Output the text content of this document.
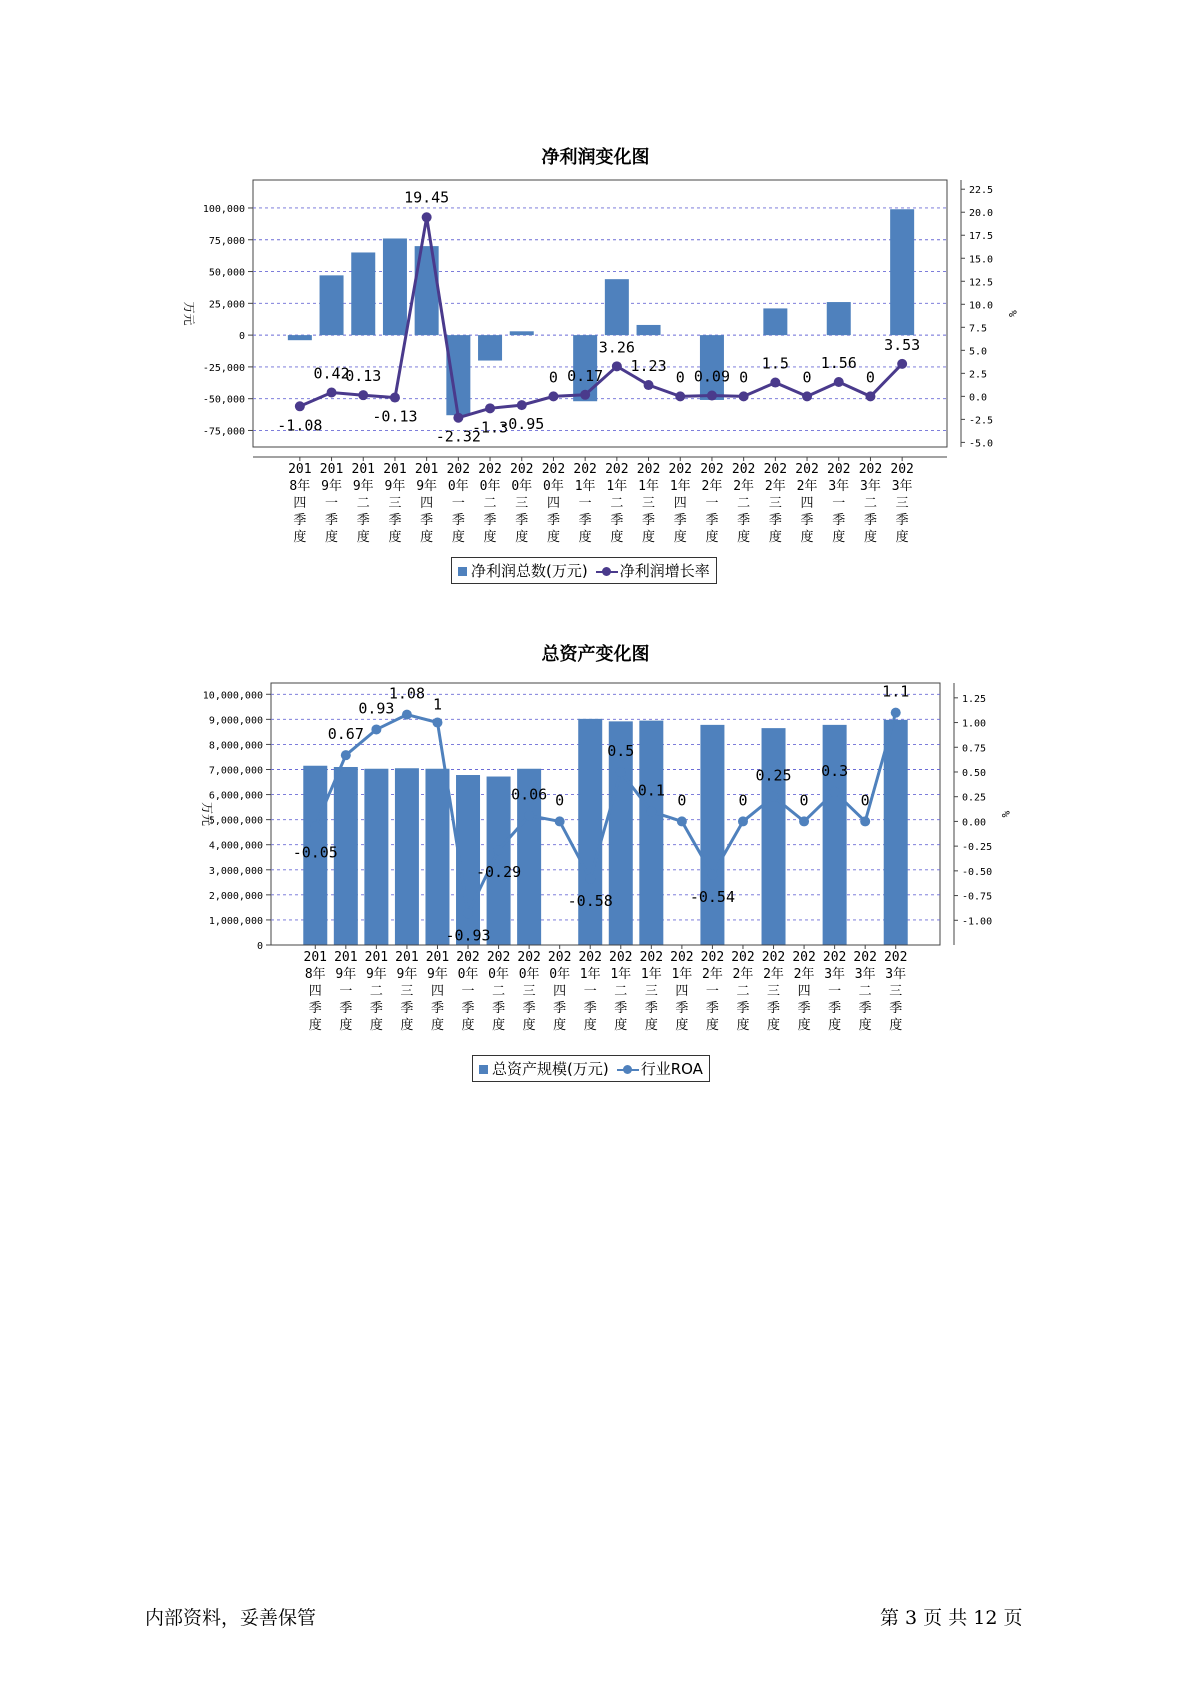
净利润变化图
100,000
75,000
50,000
25,000
0
-25,000
-50,000
-75,000
22.5
20.0
17.5
15.0
12.5
10.0
7.5
5.0
2.5
0.0
-2.5
-5.0
万元	%
201 8年四季度
201 9年一季度
201 9年二季度
201 9年三季度
201 9年四季度
202 0年一季度
202 0年二季度
202 0年三季度
202 0年四季度
202 1年一季度
202 1年二季度
202 1年三季度
202 1年四季度
202 2年一季度
202 2年二季度
202 2年三季度
202 2年四季度
202 3年一季度
202 3年二季度
202 3年三季度
-1.08
0.42
0.13
-0.13
19.45
-2.32
-1.3
-0.95
0 0.17
3.26
1.23
0 0.09 0
1.5
0
1.56
0
3.53
净利润总数(万元) 净利润增长率
总资产变化图
10,000,000
9,000,000
8,000,000
7,000,000
6,000,000
5,000,000
4,000,000
3,000,000
2,000,000
1,000,000
0
1.25
1.00
0.75
0.50
0.25
0.00
-0.25
-0.50
-0.75
-1.00
万元	%
201 8年四季度
201 9年一季度
201 9年二季度
201 9年三季度
201 9年四季度
202 0年一季度
202 0年二季度
202 0年三季度
202 0年四季度
202 1年一季度
202 1年二季度
202 1年三季度
202 1年四季度
202 2年一季度
202 2年二季度
202 2年三季度
202 2年四季度
202 3年一季度
202 3年二季度
202 3年三季度
-0.05
0.67
0.93
1.08
1
-0.93
-0.29
0.06 0
-0.58
0.5
0.1
0
-0.54
0
0.25
0
0.3
0
1.1
总资产规模(万元) 行业ROA
内部资料，妥善保管	第 3 页 共 12 页
